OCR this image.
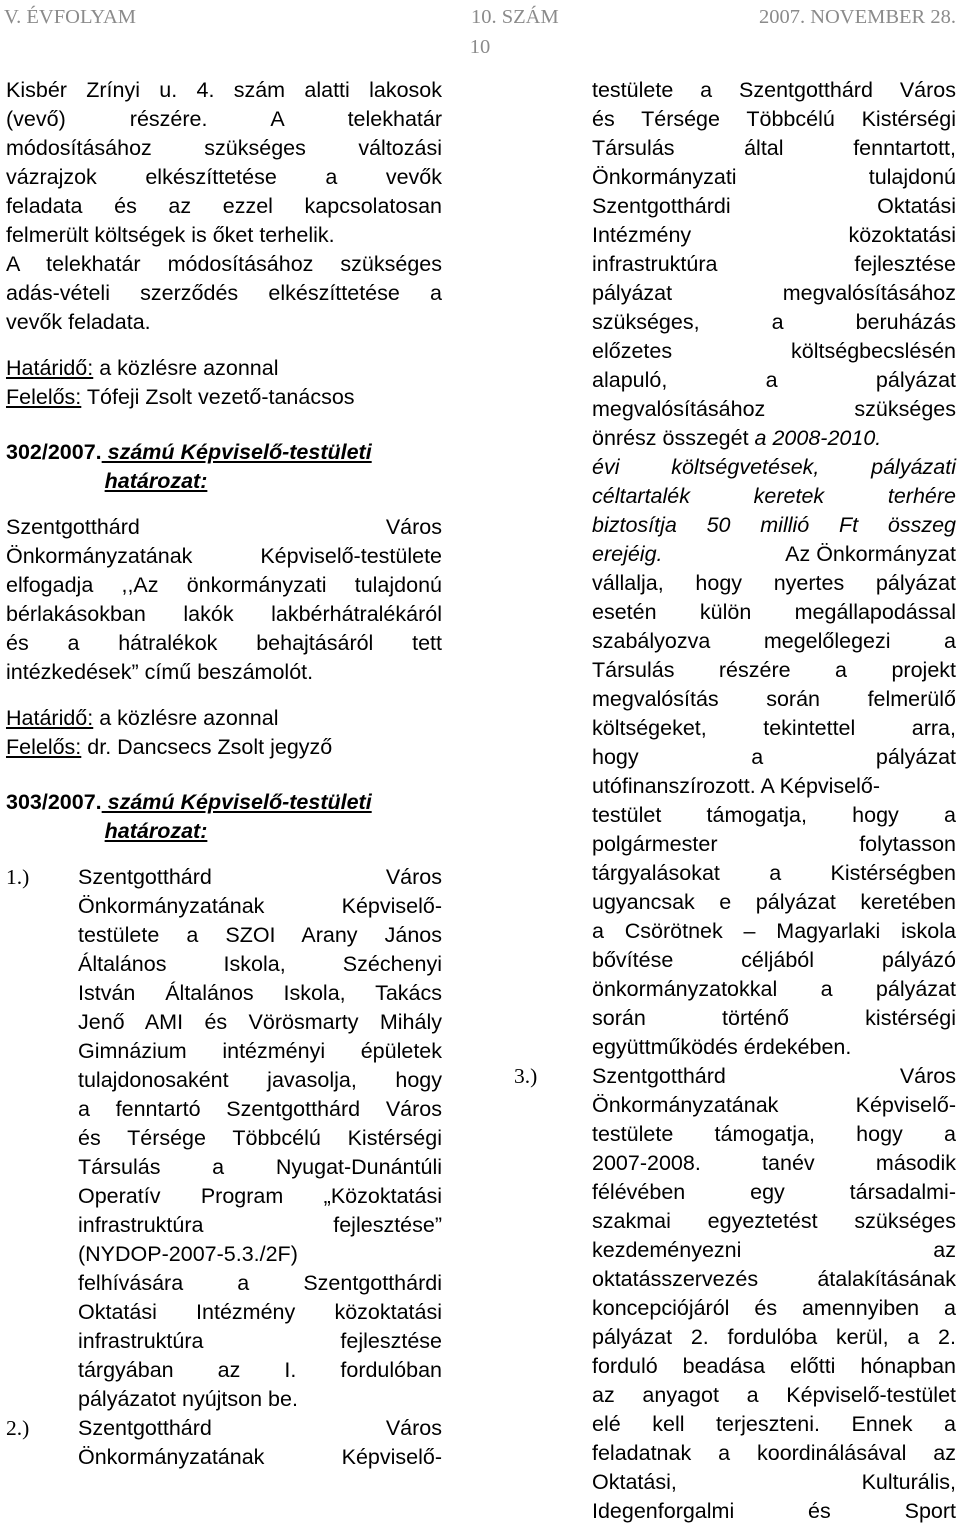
V. ÉVFOLYAM	10. SZÁM	2007. NOVEMBER 28.
10
Kisbér Zrínyi u. 4. szám alatti lakosok
(vevő) részére. A telekhatár
módosításához szükséges változási
vázrajzok elkészíttetése a vevők
feladata és az ezzel kapcsolatosan
felmerült költségek is őket terhelik.
A telekhatár módosításához szükséges
adás-vételi szerződés elkészíttetése a
vevők feladata.
Határidő: a közlésre azonnal
Felelős: Tófeji Zsolt vezető-tanácsos
302/2007. számú Képviselő-testületi
határozat:
Szentgotthárd Város
Önkormányzatának Képviselő-testülete
elfogadja ,,Az önkormányzati tulajdonú
bérlakásokban lakók lakbérhátralékáról
és a hátralékok behajtásáról tett
intézkedések” című beszámolót.
Határidő: a közlésre azonnal
Felelős: dr. Dancsecs Zsolt jegyző
303/2007. számú Képviselő-testületi
határozat:
1.) Szentgotthárd Város
Önkormányzatának Képviselő-
testülete a SZOI Arany János
Általános Iskola, Széchenyi
István Általános Iskola, Takács
Jenő AMI és Vörösmarty Mihály
Gimnázium intézményi épületek
tulajdonosaként javasolja, hogy
a fenntartó Szentgotthárd Város
és Térsége Többcélú Kistérségi
Társulás a Nyugat-Dunántúli
Operatív Program „Közoktatási
infrastruktúra fejlesztése”
(NYDOP-2007-5.3./2F)
felhívására a Szentgotthárdi
Oktatási Intézmény közoktatási
infrastruktúra fejlesztése
tárgyában az I. fordulóban
pályázatot nyújtson be.
2.) Szentgotthárd Város
Önkormányzatának Képviselő-
testülete a Szentgotthárd Város
és Térsége Többcélú Kistérségi
Társulás által fenntartott,
Önkormányzati tulajdonú
Szentgotthárdi Oktatási
Intézmény közoktatási
infrastruktúra fejlesztése
pályázat megvalósításához
szükséges, a beruházás
előzetes költségbecslésén
alapuló, a pályázat
megvalósításához szükséges
önrész összegét a 2008-2010.
évi költségvetések, pályázati
céltartalék keretek terhére
biztosítja 50 millió Ft összeg
erejéig.	Az Önkormányzat
vállalja, hogy nyertes pályázat
esetén külön megállapodással
szabályozva megelőlegezi a
Társulás részére a projekt
megvalósítás során felmerülő
költségeket, tekintettel arra,
hogy a pályázat
utófinanszírozott. A Képviselő-
testület támogatja, hogy a
polgármester folytasson
tárgyalásokat a Kistérségben
ugyancsak e pályázat keretében
a Csörötnek – Magyarlaki iskola
bővítése céljából pályázó
önkormányzatokkal a pályázat
során történő kistérségi
együttműködés érdekében.
3.)	Szentgotthárd Város
Önkormányzatának Képviselő-
testülete támogatja, hogy a
2007-2008. tanév második
félévében egy társadalmi-
szakmai egyeztetést szükséges
kezdeményezni az
oktatásszervezés átalakításának
koncepciójáról és amennyiben a
pályázat 2. fordulóba kerül, a 2.
forduló beadása előtti hónapban
az anyagot a Képviselő-testület
elé kell terjeszteni. Ennek a
feladatnak a koordinálásával az
Oktatási, Kulturális,
Idegenforgalmi és Sport
